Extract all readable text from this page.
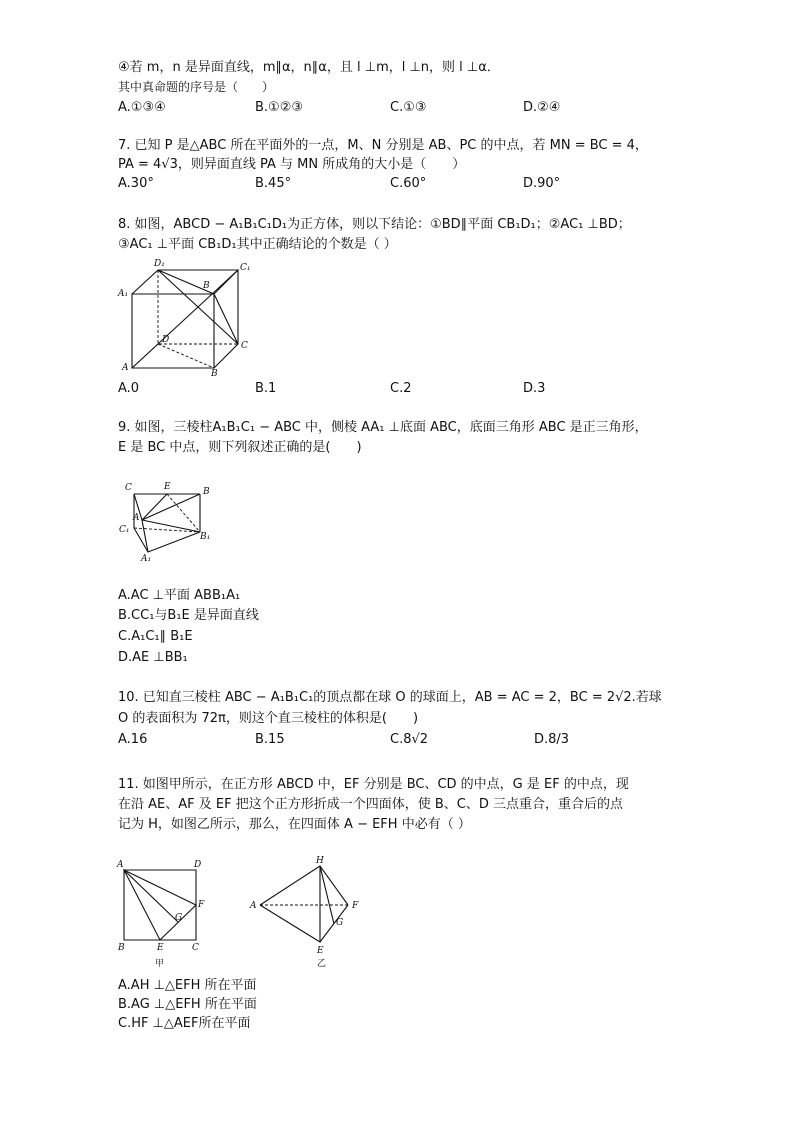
④若 m，n 是异面直线，m∥α，n∥α，且 l ⊥m，l ⊥n，则 l ⊥α．
其中真命题的序号是（　　）
A.①③④	B.①②③	C.①③	D.②④
7. 已知 P 是△ABC 所在平面外的一点，M、N 分别是 AB、PC 的中点，若 MN = BC = 4，
PA = 4√3，则异面直线 PA 与 MN 所成角的大小是（　　）
A.30°	B.45°	C.60°	D.90°
8. 如图，ABCD − A₁B₁C₁D₁为正方体，则以下结论：①BD∥平面 CB₁D₁；②AC₁ ⊥BD；
③AC₁ ⊥平面 CB₁D₁其中正确结论的个数是（ ）
D₁	C₁
A₁
B
D
C
A
B
A.0	B.1	C.2	D.3
9. 如图，三棱柱A₁B₁C₁ − ABC 中，侧棱 AA₁ ⊥底面 ABC，底面三角形 ABC 是正三角形，
E 是 BC 中点，则下列叙述正确的是(　　)
C	E	B
A
C₁
B₁
A₁
A.AC ⊥平面 ABB₁A₁
B.CC₁与B₁E 是异面直线
C.A₁C₁∥ B₁E
D.AE ⊥BB₁
10. 已知直三棱柱 ABC − A₁B₁C₁的顶点都在球 O 的球面上，AB = AC = 2，BC = 2√2.若球
O 的表面积为 72π，则这个直三棱柱的体积是(　　)
A.16	B.15	C.8√2	D.8/3
11. 如图甲所示，在正方形 ABCD 中，EF 分别是 BC、CD 的中点，G 是 EF 的中点，现
在沿 AE、AF 及 EF 把这个正方形折成一个四面体，使 B、C、D 三点重合，重合后的点
记为 H，如图乙所示，那么，在四面体 A − EFH 中必有（ ）
A	D
F
G
B	E	C
甲
H
A	F
G
E
乙
A.AH ⊥△EFH 所在平面
B.AG ⊥△EFH 所在平面
C.HF ⊥△AEF所在平面
